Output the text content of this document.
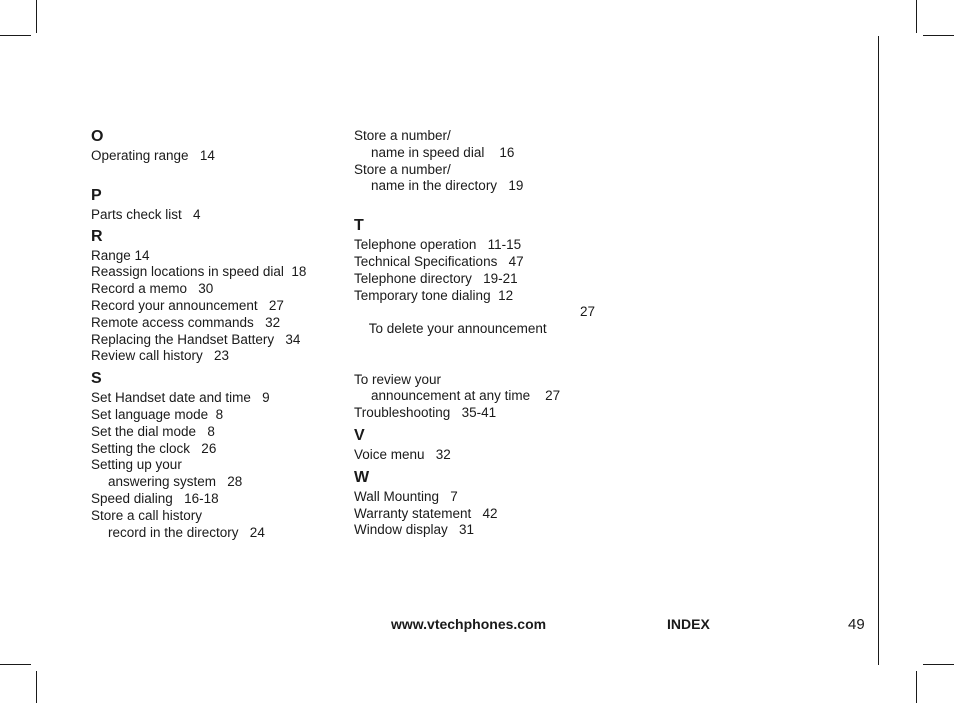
O
Operating range   14
P
Parts check list   4
R
Range 14
Reassign locations in speed dial  18
Record a memo   30
Record your announcement   27
Remote access commands   32
Replacing the Handset Battery   34
Review call history   23
S
Set Handset date and time   9
Set language mode  8
Set the dial mode   8
Setting the clock   26
Setting up your
answering system   28
Speed dialing   16-18
Store a call history
record in the directory   24
Store a number/
name in speed dial    16
Store a number/
name in the directory   19
T
Telephone operation   11-15
Technical Specifications   47
Telephone directory   19-21
Temporary tone dialing  12

To delete your announcement

27

To review your
announcement at any time    27
Troubleshooting   35-41
V
Voice menu   32
W
Wall Mounting   7
Warranty statement   42
Window display   31
www.vtechphones.com	INDEX	49
